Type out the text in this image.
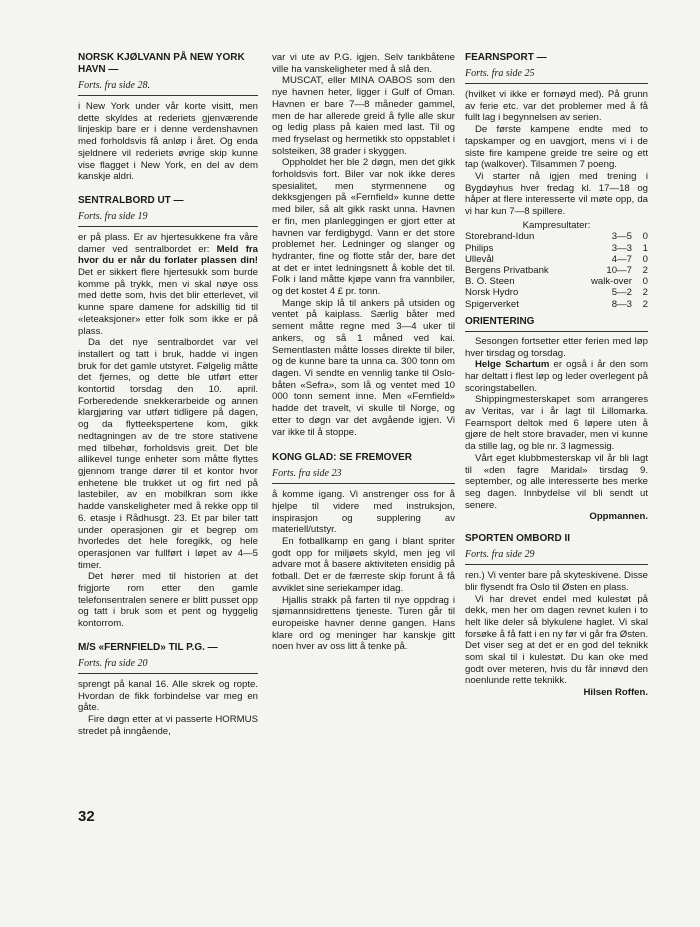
NORSK KJØLVANN PÅ NEW YORK HAVN —
Forts. fra side 28.

i New York under vår korte visitt, men dette skyldes at rederiets gjenværende linjeskip bare er i denne verdenshavnen med forholdsvis få anløp i året. Og enda sjeldnere vil rederiets øvrige skip kunne vise flagget i New York, en del av dem kanskje aldri.

SENTRALBORD UT —
Forts. fra side 19

er på plass. Er av hjertesukkene fra våre damer ved sentralbordet er: Meld fra hvor du er når du forlater plassen din! Det er sikkert flere hjertesukk som burde komme på trykk, men vi skal nøye oss med dette som, hvis det blir etterlevet, vil kunne spare damene for adskillig tid til «leteaksjoner» etter folk som ikke er på plass.

Da det nye sentralbordet var vel installert og tatt i bruk, hadde vi ingen bruk for det gamle utstyret. Følgelig måtte det fjernes, og dette ble utført etter kontortid torsdag den 10. april. Forberedende snekkerarbeide og annen klargjøring var utført tidligere på dagen, og da flytteekspertene kom, gikk nedtagningen av de tre store stativene med tilbehør, forholdsvis greit. Det ble allikevel tunge enheter som måtte flyttes gjennom trange dører til et kontor hvor enhetene ble trukket ut og firt ned på lastebiler, av en mobilkran som ikke hadde vanskeligheter med å rekke opp til 6. etasje i Rådhusgt. 23. Et par biler tatt under operasjonen gir et begrep om hvorledes det hele foregikk, og hele operasjonen var fullført i løpet av 4—5 timer.

Det hører med til historien at det frigjorte rom etter den gamle telefonsentralen senere er blitt pusset opp og tatt i bruk som et pent og hyggelig kontorrom.

M/S «FERNFIELD» TIL P.G. —
Forts. fra side 20

sprengt på kanal 16. Alle skrek og ropte. Hvordan de fikk forbindelse var meg en gåte.

Fire døgn etter at vi passerte HORMUS stredet på inngående,

var vi ute av P.G. igjen. Selv tankbåtene ville ha vanskeligheter med å slå den.

MUSCAT, eller MINA OABOS som den nye havnen heter, ligger i Gulf of Oman. Havnen er bare 7—8 måneder gammel, men de har allerede greid å fylle alle skur og ledig plass på kaien med last. Til og med fryselast og hermetikk sto oppstablet i solsteiken, 38 grader i skyggen.

Oppholdet her ble 2 døgn, men det gikk forholdsvis fort. Biler var nok ikke deres spesialitet, men styrmennene og dekksgjengen på «Fernfield» kunne dette med biler, så alt gikk raskt unna. Havnen er fin, men planleggingen er gjort etter at havnen var ferdigbygd. Vann er det store problemet her. Ledninger og slanger og hydranter, fine og flotte står der, bare det at det er intet ledningsnett å koble det til. Folk i land måtte kjøpe vann fra vannbiler, og det kostet 4 £ pr. tonn.

Mange skip lå til ankers på utsiden og ventet på kaiplass. Særlig båter med sement måtte regne med 3—4 uker til ankers, og så 1 måned ved kai. Sementlasten måtte losses direkte til biler, og de kunne bare ta unna ca. 300 tonn om dagen. Vi sendte en vennlig tanke til Oslo-båten «Sefra», som lå og ventet med 10 000 tonn sement inne. Men «Fernfield» hadde det travelt, vi skulle til Norge, og etter to døgn var det avgående igjen. Vi var ikke til å stoppe.

KONG GLAD: SE FREMOVER
Forts. fra side 23

å komme igang. Vi anstrenger oss for å hjelpe til videre med instruksjon, inspirasjon og supplering av materiell/utstyr.

En fotballkamp en gang i blant spriter godt opp for miljøets skyld, men jeg vil advare mot å basere aktiviteten ensidig på fotball. Det er de færreste skip forunt å få avviklet sine seriekamper idag.

Hjallis strakk på farten til nye oppdrag i sjømannsidrettens tjeneste. Turen går til europeiske havner denne gangen. Hans klare ord og meninger har kanskje gitt noen hver av oss litt å tenke på.

FEARNSPORT —
Forts. fra side 25

(hvilket vi ikke er fornøyd med). På grunn av ferie etc. var det problemer med å få fullt lag i begynnelsen av serien.

De første kampene endte med to tapskamper og en uavgjort, mens vi i de siste fire kampene greide tre seire og ett tap (walkover). Tilsammen 7 poeng.

Vi starter nå igjen med trening i Bygdøyhus hver fredag kl. 17—18 og håper at flere interesserte vil møte opp, da vi har kun 7—8 spillere.

Kampresultater:
Storebrand-Idun	3—5	0
Philips	3—3	1
Ullevål	4—7	0
Bergens Privatbank	10—7	2
B. O. Steen	walk-over	0
Norsk Hydro	5—2	2
Spigerverket	8—3	2
ORIENTERING

Sesongen fortsetter etter ferien med løp hver tirsdag og torsdag.

Helge Schartum er også i år den som har deltatt i flest løp og leder overlegent på scoringstabellen.

Shippingmesterskapet som arrangeres av Veritas, var i år lagt til Lillomarka. Fearnsport deltok med 6 løpere uten å gjøre de helt store bravader, men vi kunne da stille lag, og ble nr. 3 lagmessig.

Vårt eget klubbmesterskap vil år bli lagt til «den fagre Maridal» tirsdag 9. september, og alle interesserte bes merke seg dagen. Innbydelse vil bli sendt ut senere.

Oppmannen.

SPORTEN OMBORD II
Forts. fra side 29

ren.) Vi venter bare på skyteskivene. Disse blir flysendt fra Oslo til Østen en plass.

Vi har drevet endel med kulestøt på dekk, men her om dagen revnet kulen i to helt like deler så blykulene haglet. Vi skal forsøke å få fatt i en ny før vi går fra Østen. Det viser seg at det er en god del teknikk som skal til i kulestøt. Du kan oke med godt over meteren, hvis du får innøvd den noenlunde rette teknikk.

Hilsen Roffen.

32
